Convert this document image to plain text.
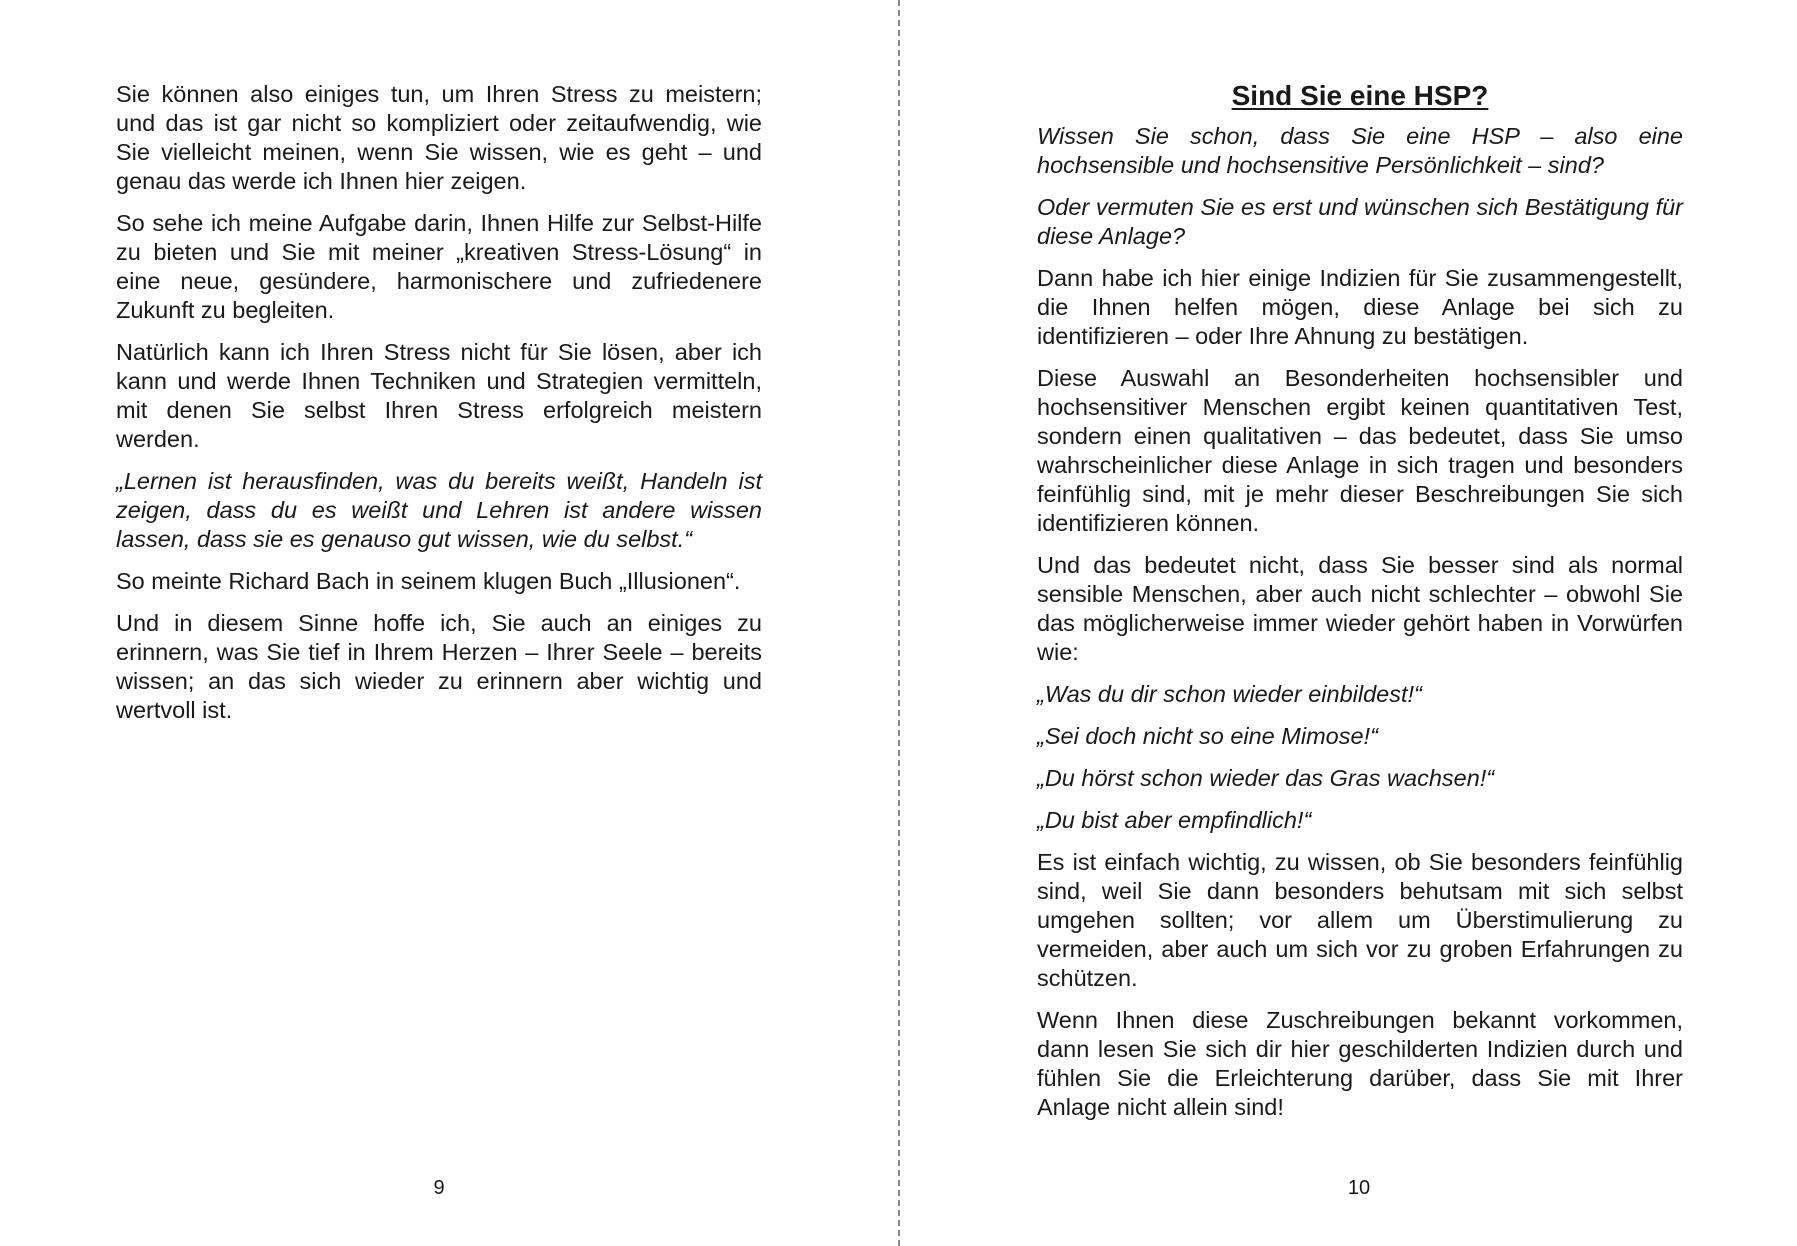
Sie können also einiges tun, um Ihren Stress zu meistern; und das ist gar nicht so kompliziert oder zeitaufwendig, wie Sie vielleicht meinen, wenn Sie wissen, wie es geht – und genau das werde ich Ihnen hier zeigen.

So sehe ich meine Aufgabe darin, Ihnen Hilfe zur Selbst-Hilfe zu bieten und Sie mit meiner „kreativen Stress-Lösung“ in eine neue, gesündere, harmonischere und zufriedenere Zukunft zu begleiten.

Natürlich kann ich Ihren Stress nicht für Sie lösen, aber ich kann und werde Ihnen Techniken und Strategien vermitteln, mit denen Sie selbst Ihren Stress erfolgreich meistern werden.

„Lernen ist herausfinden, was du bereits weißt, Handeln ist zeigen, dass du es weißt und Lehren ist andere wissen lassen, dass sie es genauso gut wissen, wie du selbst.“

So meinte Richard Bach in seinem klugen Buch „Illusionen“.

Und in diesem Sinne hoffe ich, Sie auch an einiges zu erinnern, was Sie tief in Ihrem Herzen – Ihrer Seele – bereits wissen; an das sich wieder zu erinnern aber wichtig und wertvoll ist.

9
Sind Sie eine HSP?

Wissen Sie schon, dass Sie eine HSP – also eine hochsensible und hochsensitive Persönlichkeit – sind?

Oder vermuten Sie es erst und wünschen sich Bestätigung für diese Anlage?

Dann habe ich hier einige Indizien für Sie zusammengestellt, die Ihnen helfen mögen, diese Anlage bei sich zu identifizieren – oder Ihre Ahnung zu bestätigen.

Diese Auswahl an Besonderheiten hochsensibler und hochsensitiver Menschen ergibt keinen quantitativen Test, sondern einen qualitativen – das bedeutet, dass Sie umso wahrscheinlicher diese Anlage in sich tragen und besonders feinfühlig sind, mit je mehr dieser Beschreibungen Sie sich identifizieren können.

Und das bedeutet nicht, dass Sie besser sind als normal sensible Menschen, aber auch nicht schlechter – obwohl Sie das möglicherweise immer wieder gehört haben in Vorwürfen wie:

„Was du dir schon wieder einbildest!“

„Sei doch nicht so eine Mimose!“

„Du hörst schon wieder das Gras wachsen!“

„Du bist aber empfindlich!“

Es ist einfach wichtig, zu wissen, ob Sie besonders feinfühlig sind, weil Sie dann besonders behutsam mit sich selbst umgehen sollten; vor allem um Überstimulierung zu vermeiden, aber auch um sich vor zu groben Erfahrungen zu schützen.

Wenn Ihnen diese Zuschreibungen bekannt vorkommen, dann lesen Sie sich dir hier geschilderten Indizien durch und fühlen Sie die Erleichterung darüber, dass Sie mit Ihrer Anlage nicht allein sind!

10
